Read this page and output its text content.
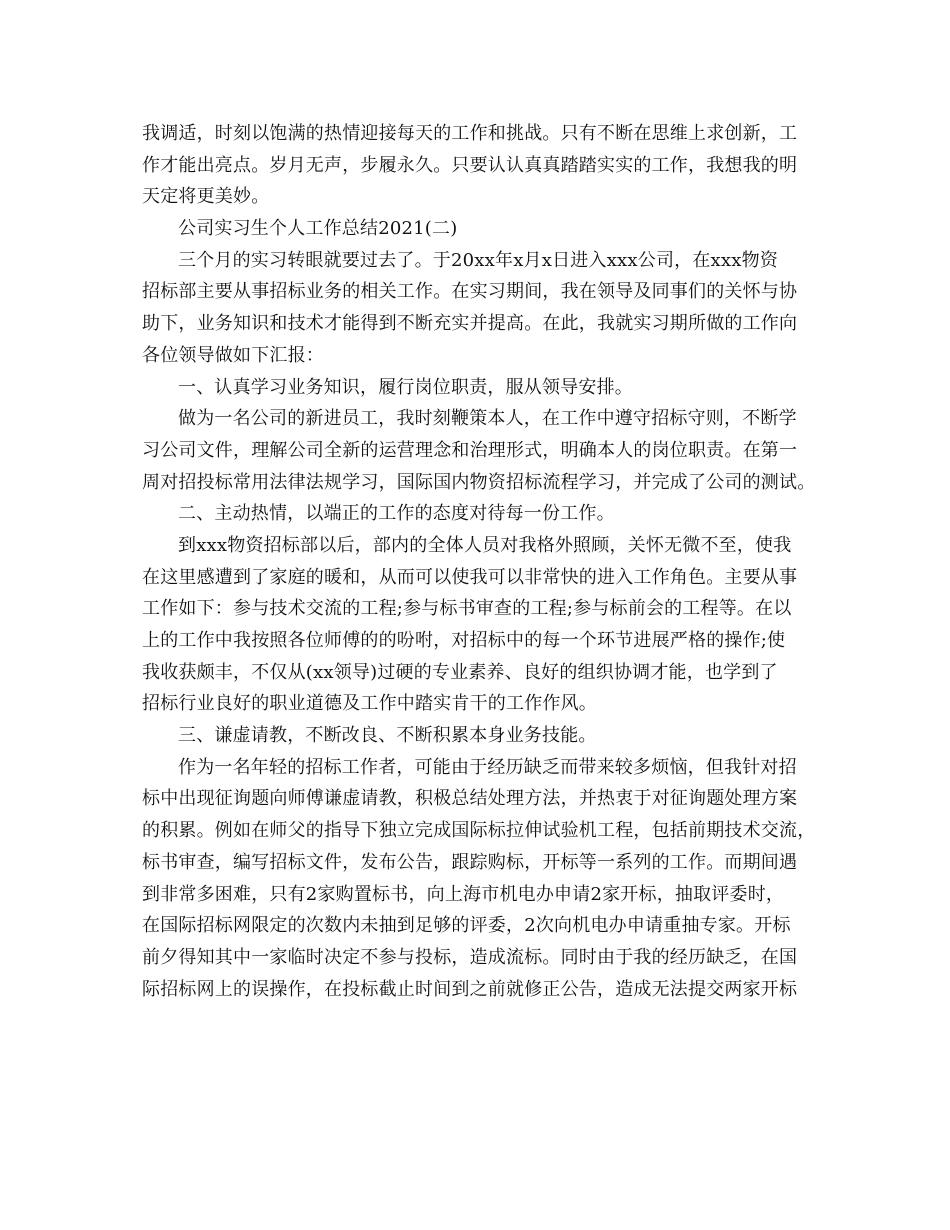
我调适，时刻以饱满的热情迎接每天的工作和挑战。只有不断在思维上求创新，工
作才能出亮点。岁月无声，步履永久。只要认认真真踏踏实实的工作，我想我的明
天定将更美妙。
公司实习生个人工作总结2021(二)
三个月的实习转眼就要过去了。于20xx年x月x日进入xxx公司，在xxx物资
招标部主要从事招标业务的相关工作。在实习期间，我在领导及同事们的关怀与协
助下，业务知识和技术才能得到不断充实并提高。在此，我就实习期所做的工作向
各位领导做如下汇报：
一、认真学习业务知识，履行岗位职责，服从领导安排。
做为一名公司的新进员工，我时刻鞭策本人，在工作中遵守招标守则，不断学
习公司文件，理解公司全新的运营理念和治理形式，明确本人的岗位职责。在第一
周对招投标常用法律法规学习，国际国内物资招标流程学习，并完成了公司的测试。
二、主动热情，以端正的工作的态度对待每一份工作。
到xxx物资招标部以后，部内的全体人员对我格外照顾，关怀无微不至，使我
在这里感遭到了家庭的暖和，从而可以使我可以非常快的进入工作角色。主要从事
工作如下：参与技术交流的工程;参与标书审查的工程;参与标前会的工程等。在以
上的工作中我按照各位师傅的的吩咐，对招标中的每一个环节进展严格的操作;使
我收获颇丰，不仅从(xx领导)过硬的专业素养、良好的组织协调才能，也学到了
招标行业良好的职业道德及工作中踏实肯干的工作作风。
三、谦虚请教，不断改良、不断积累本身业务技能。
作为一名年轻的招标工作者，可能由于经历缺乏而带来较多烦恼，但我针对招
标中出现征询题向师傅谦虚请教，积极总结处理方法，并热衷于对征询题处理方案
的积累。例如在师父的指导下独立完成国际标拉伸试验机工程，包括前期技术交流，
标书审查，编写招标文件，发布公告，跟踪购标，开标等一系列的工作。而期间遇
到非常多困难，只有2家购置标书，向上海市机电办申请2家开标，抽取评委时，
在国际招标网限定的次数内未抽到足够的评委，2次向机电办申请重抽专家。开标
前夕得知其中一家临时决定不参与投标，造成流标。同时由于我的经历缺乏，在国
际招标网上的误操作，在投标截止时间到之前就修正公告，造成无法提交两家开标
